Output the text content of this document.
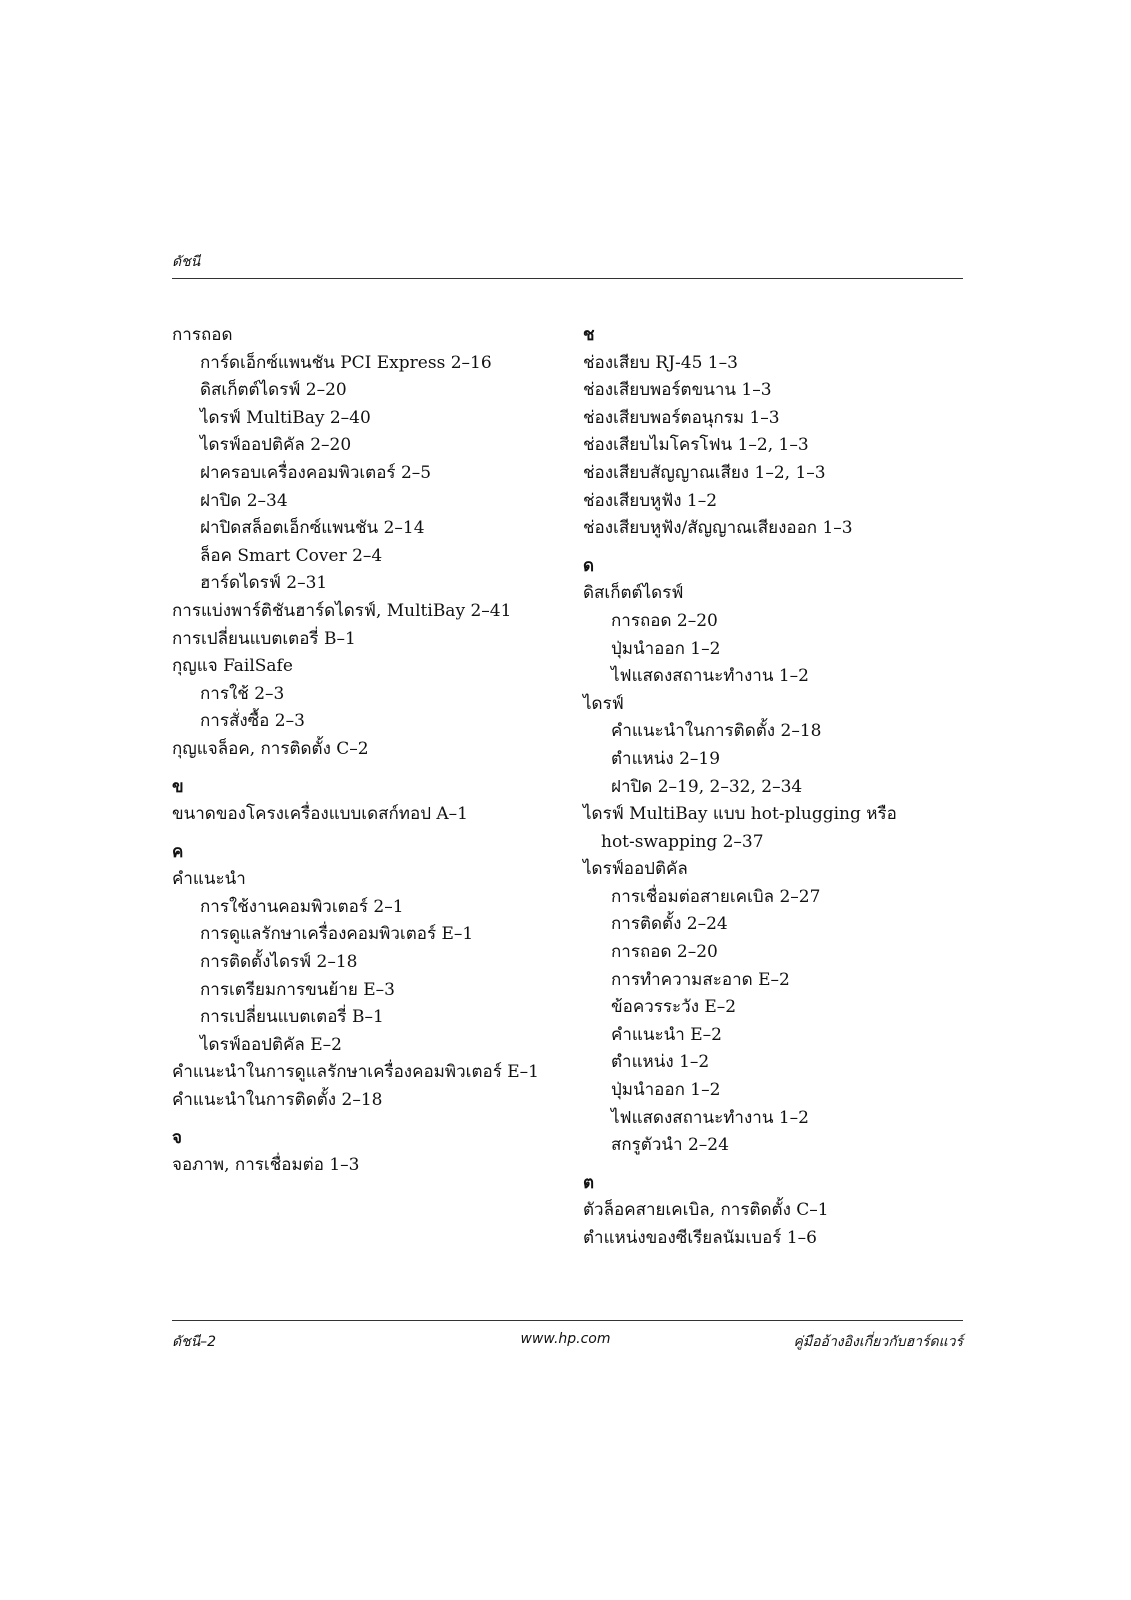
ดัชนี
การถอด
การ์ดเอ็กซ์แพนชัน PCI Express 2–16
ดิสเก็ตต์ไดรฟ์ 2–20
ไดรฟ์ MultiBay 2–40
ไดรฟ์ออปติคัล 2–20
ฝาครอบเครื่องคอมพิวเตอร์ 2–5
ฝาปิด 2–34
ฝาปิดสล็อตเอ็กซ์แพนชัน 2–14
ล็อค Smart Cover 2–4
ฮาร์ดไดรฟ์ 2–31
การแบ่งพาร์ติชันฮาร์ดไดรฟ์, MultiBay 2–41
การเปลี่ยนแบตเตอรี่ B–1
กุญแจ FailSafe
การใช้ 2–3
การสั่งซื้อ 2–3
กุญแจล็อค, การติดตั้ง C–2
ข
ขนาดของโครงเครื่องแบบเดสก์ทอป A–1
ค
คำแนะนำ
การใช้งานคอมพิวเตอร์ 2–1
การดูแลรักษาเครื่องคอมพิวเตอร์ E–1
การติดตั้งไดรฟ์ 2–18
การเตรียมการขนย้าย E–3
การเปลี่ยนแบตเตอรี่ B–1
ไดรฟ์ออปติคัล E–2
คำแนะนำในการดูแลรักษาเครื่องคอมพิวเตอร์ E–1
คำแนะนำในการติดตั้ง 2–18
จ
จอภาพ, การเชื่อมต่อ 1–3
ช
ช่องเสียบ RJ-45 1–3
ช่องเสียบพอร์ตขนาน 1–3
ช่องเสียบพอร์ตอนุกรม 1–3
ช่องเสียบไมโครโฟน 1–2, 1–3
ช่องเสียบสัญญาณเสียง 1–2, 1–3
ช่องเสียบหูฟัง 1–2
ช่องเสียบหูฟัง/สัญญาณเสียงออก 1–3
ด
ดิสเก็ตต์ไดรฟ์
การถอด 2–20
ปุ่มนำออก 1–2
ไฟแสดงสถานะทำงาน 1–2
ไดรฟ์
คำแนะนำในการติดตั้ง 2–18
ตำแหน่ง 2–19
ฝาปิด 2–19, 2–32, 2–34
ไดรฟ์ MultiBay แบบ hot-plugging หรือ
hot-swapping 2–37
ไดรฟ์ออปติคัล
การเชื่อมต่อสายเคเบิล 2–27
การติดตั้ง 2–24
การถอด 2–20
การทำความสะอาด E–2
ข้อควรระวัง E–2
คำแนะนำ E–2
ตำแหน่ง 1–2
ปุ่มนำออก 1–2
ไฟแสดงสถานะทำงาน 1–2
สกรูตัวนำ 2–24
ต
ตัวล็อคสายเคเบิล, การติดตั้ง C–1
ตำแหน่งของซีเรียลนัมเบอร์ 1–6
ดัชนี–2	www.hp.com	คู่มืออ้างอิงเกี่ยวกับฮาร์ดแวร์
